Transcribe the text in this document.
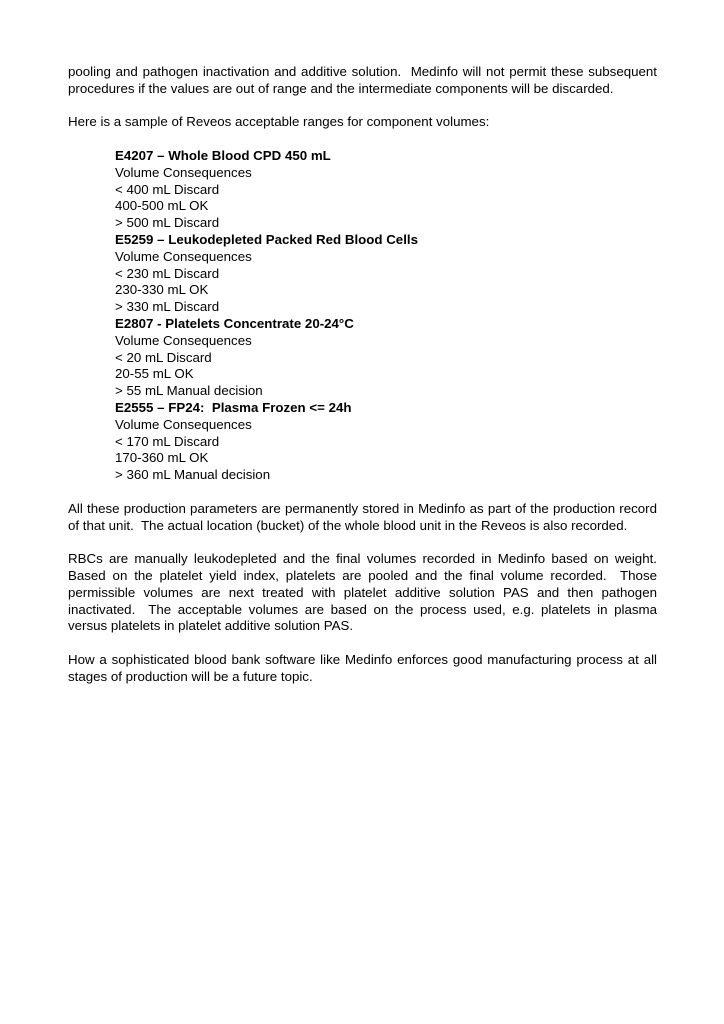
pooling and pathogen inactivation and additive solution.  Medinfo will not permit these subsequent procedures if the values are out of range and the intermediate components will be discarded.

Here is a sample of Reveos acceptable ranges for component volumes:

E4207 – Whole Blood CPD 450 mL
Volume Consequences
< 400 mL Discard
400-500 mL OK
> 500 mL Discard
E5259 – Leukodepleted Packed Red Blood Cells
Volume Consequences
< 230 mL Discard
230-330 mL OK
> 330 mL Discard
E2807 - Platelets Concentrate 20-24°C
Volume Consequences
< 20 mL Discard
20-55 mL OK
> 55 mL Manual decision
E2555 – FP24:  Plasma Frozen <= 24h
Volume Consequences
< 170 mL Discard
170-360 mL OK
> 360 mL Manual decision

All these production parameters are permanently stored in Medinfo as part of the production record of that unit.  The actual location (bucket) of the whole blood unit in the Reveos is also recorded.

RBCs are manually leukodepleted and the final volumes recorded in Medinfo based on weight.  Based on the platelet yield index, platelets are pooled and the final volume recorded.  Those permissible volumes are next treated with platelet additive solution PAS and then pathogen inactivated.  The acceptable volumes are based on the process used, e.g. platelets in plasma versus platelets in platelet additive solution PAS.

How a sophisticated blood bank software like Medinfo enforces good manufacturing process at all stages of production will be a future topic.
